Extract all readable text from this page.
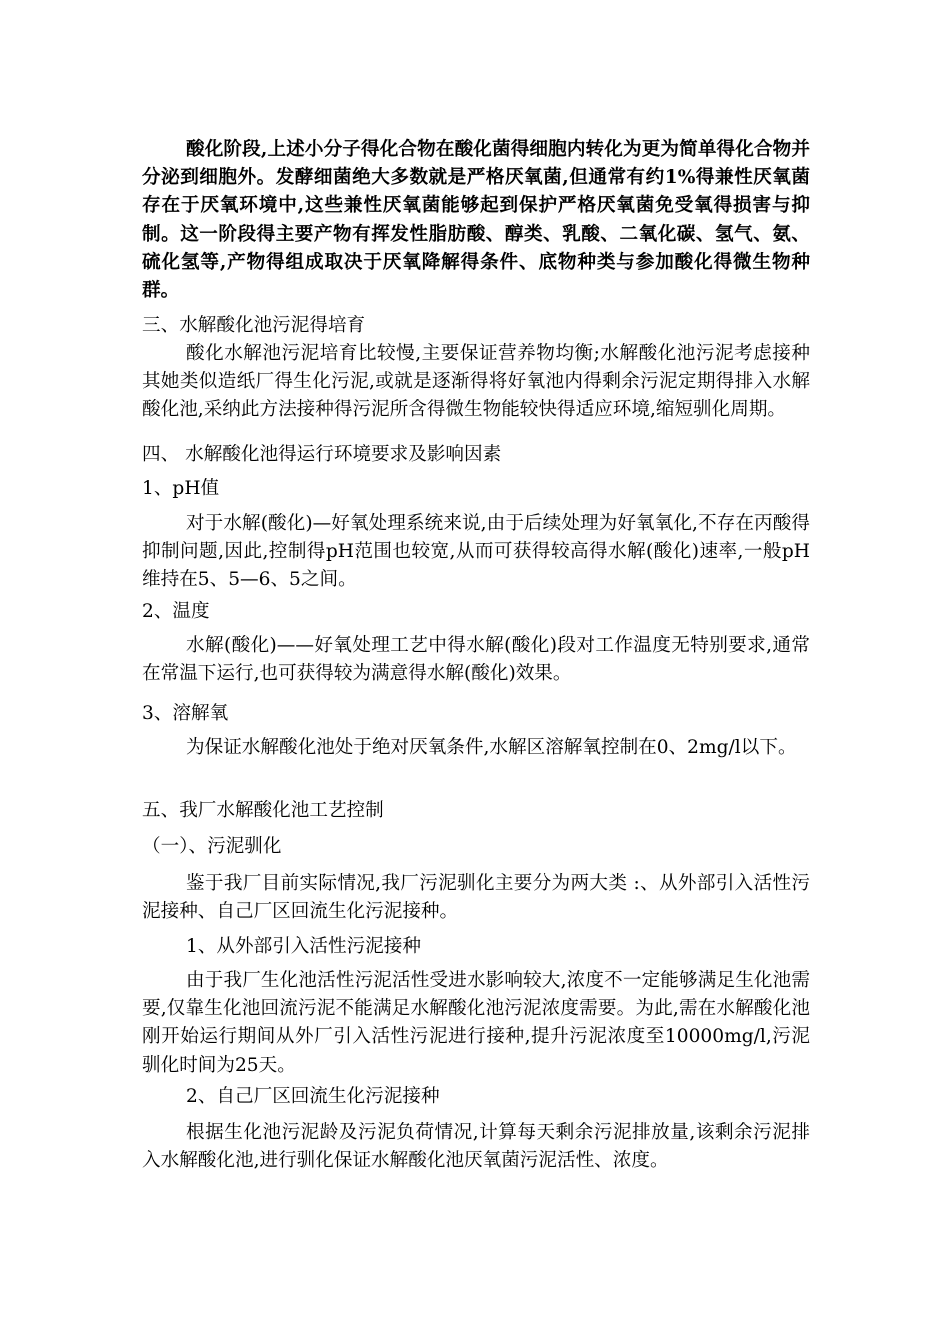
酸化阶段,上述小分子得化合物在酸化菌得细胞内转化为更为简单得化合物并分泌到细胞外。发酵细菌绝大多数就是严格厌氧菌,但通常有约1%得兼性厌氧菌存在于厌氧环境中,这些兼性厌氧菌能够起到保护严格厌氧菌免受氧得损害与抑制。这一阶段得主要产物有挥发性脂肪酸、醇类、乳酸、二氧化碳、氢气、氨、硫化氢等,产物得组成取决于厌氧降解得条件、底物种类与参加酸化得微生物种群。

三、水解酸化池污泥得培育

酸化水解池污泥培育比较慢,主要保证营养物均衡;水解酸化池污泥考虑接种其她类似造纸厂得生化污泥,或就是逐渐得将好氧池内得剩余污泥定期得排入水解酸化池,采纳此方法接种得污泥所含得微生物能较快得适应环境,缩短驯化周期。

四、 水解酸化池得运行环境要求及影响因素
1、pH值

对于水解(酸化)—好氧处理系统来说,由于后续处理为好氧氧化,不存在丙酸得抑制问题,因此,控制得pH范围也较宽,从而可获得较高得水解(酸化)速率,一般pH维持在5、5—6、5之间。

2、温度

水解(酸化)——好氧处理工艺中得水解(酸化)段对工作温度无特别要求,通常在常温下运行,也可获得较为满意得水解(酸化)效果。

3、溶解氧

为保证水解酸化池处于绝对厌氧条件,水解区溶解氧控制在0、2mg/l以下。

五、我厂水解酸化池工艺控制
（一）、污泥驯化

鉴于我厂目前实际情况,我厂污泥驯化主要分为两大类 :、从外部引入活性污泥接种、自己厂区回流生化污泥接种。

1、从外部引入活性污泥接种

由于我厂生化池活性污泥活性受进水影响较大,浓度不一定能够满足生化池需要,仅靠生化池回流污泥不能满足水解酸化池污泥浓度需要。为此,需在水解酸化池刚开始运行期间从外厂引入活性污泥进行接种,提升污泥浓度至10000mg/l,污泥驯化时间为25天。

2、自己厂区回流生化污泥接种

根据生化池污泥龄及污泥负荷情况,计算每天剩余污泥排放量,该剩余污泥排入水解酸化池,进行驯化保证水解酸化池厌氧菌污泥活性、浓度。
